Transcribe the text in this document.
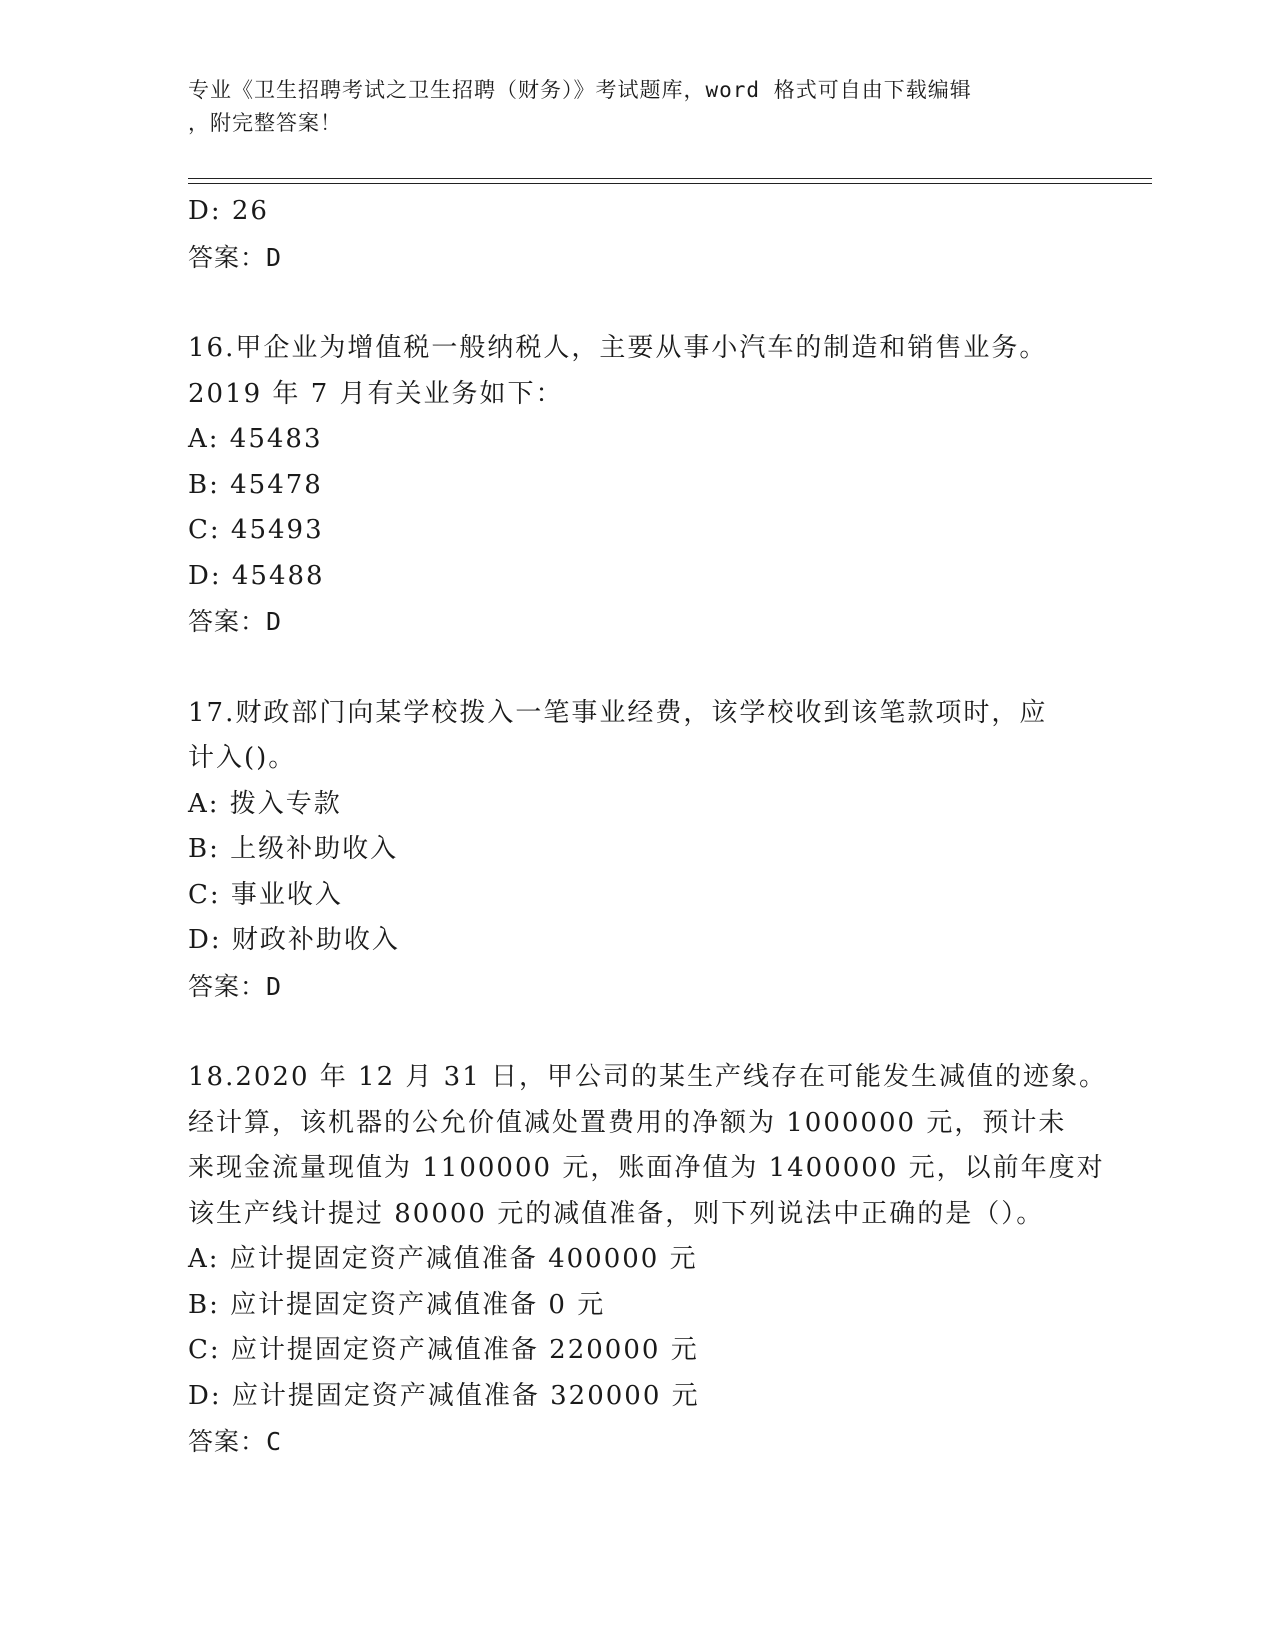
专业《卫生招聘考试之卫生招聘（财务）》考试题库，word 格式可自由下载编辑
，附完整答案！
D: 26
答案：D
16.甲企业为增值税一般纳税人，主要从事小汽车的制造和销售业务。
2019 年 7 月有关业务如下：
A: 45483
B: 45478
C: 45493
D: 45488
答案：D
17.财政部门向某学校拨入一笔事业经费，该学校收到该笔款项时，应
计入()。
A: 拨入专款
B: 上级补助收入
C: 事业收入
D: 财政补助收入
答案：D
18.2020 年 12 月 31 日，甲公司的某生产线存在可能发生减值的迹象。
经计算，该机器的公允价值减处置费用的净额为 1000000 元，预计未
来现金流量现值为 1100000 元，账面净值为 1400000 元，以前年度对
该生产线计提过 80000 元的减值准备，则下列说法中正确的是（）。
A: 应计提固定资产减值准备 400000 元
B: 应计提固定资产减值准备 0 元
C: 应计提固定资产减值准备 220000 元
D: 应计提固定资产减值准备 320000 元
答案：C
